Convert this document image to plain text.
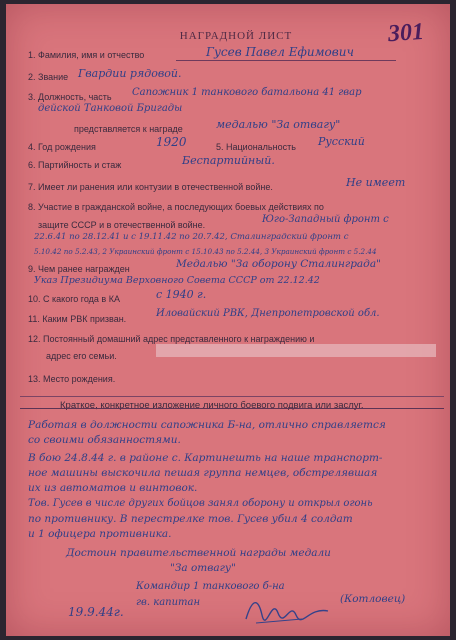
НАГРАДНОЙ ЛИСТ	301
1. Фамилия, имя и отчество	Гусев Павел Ефимович
2. Звание Гвардии рядовой.
3. Должность, часть Сапожник 1 танкового батальона 41 гвар
дейской Танковой Бригады
представляется к награде	медалью "За отвагу"
4. Год рождения	1920	5. Национальность Русский
6. Партийность и стаж	Беспартийный.
7. Имеет ли ранения или контузии в отечественной войне.	Не имеет
8. Участие в гражданской войне, а последующих боевых действиях по
защите СССР и в отечественной войне.	Юго-Западный фронт с
22.6.41 по 28.12.41 и с 19.11.42 по 20.7.42, Сталинградский фронт с
5.10.42 по 5.2.43, 2 Украинский фронт с 15.10.43 по 5.2.44, 3 Украинский фронт с 5.2.44
9. Чем ранее награжден	Медалью "За оборону Сталинграда"
Указ Президиума Верховного Совета СССР от 22.12.42
10. С какого года в КА	с 1940 г.
11. Каким РВК призван.	Иловайский РВК, Днепропетровской обл.
12. Постоянный домашний адрес представленного к награждению и
адрес его семьи.
13. Место рождения.
Краткое, конкретное изложение личного боевого подвига или заслуг.
Работая в должности сапожника Б-на, отлично справляется
со своими обязанностями.
В бою 24.8.44 г. в районе с. Картинешть на наше транспорт-
ное машины выскочила пешая группа немцев, обстрелявшая
их из автоматов и винтовок.
Тов. Гусев в числе других бойцов занял оборону и открыл огонь
по противнику. В перестрелке тов. Гусев убил 4 солдат
и 1 офицера противника.
Достоин правительственной награды медали
"За отвагу"
Командир 1 танкового б-на
гв. капитан	(Котловец)
19.9.44г.
